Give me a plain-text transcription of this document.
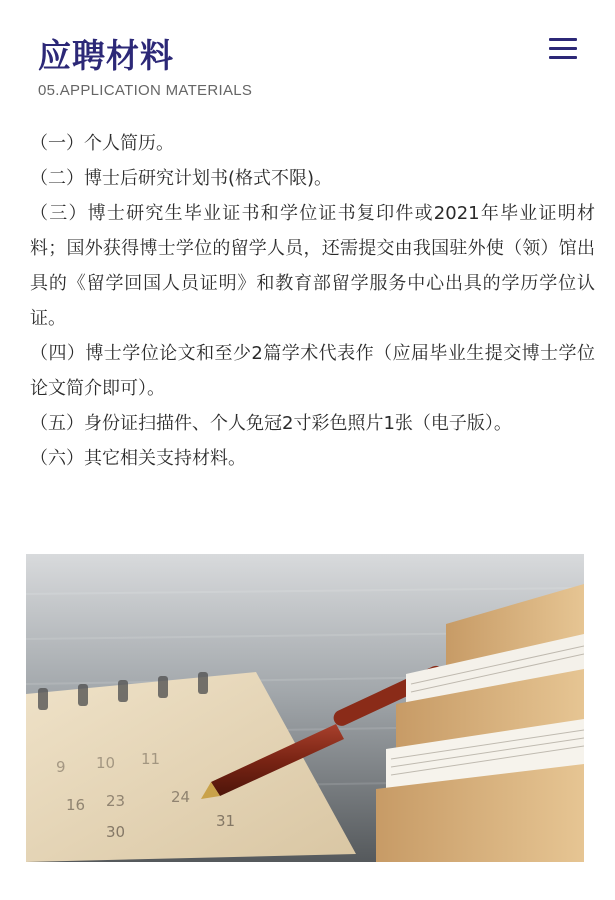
应聘材料
05.APPLICATION MATERIALS

（一）个人简历。

（二）博士后研究计划书(格式不限)。

（三）博士研究生毕业证书和学位证书复印件或2021年毕业证明材料；国外获得博士学位的留学人员，还需提交由我国驻外使（领）馆出具的《留学回国人员证明》和教育部留学服务中心出具的学历学位认证。

（四）博士学位论文和至少2篇学术代表作（应届毕业生提交博士学位论文简介即可）。

（五）身份证扫描件、个人免冠2寸彩色照片1张（电子版）。

（六）其它相关支持材料。

9 10 11
16 23	24
30
31
